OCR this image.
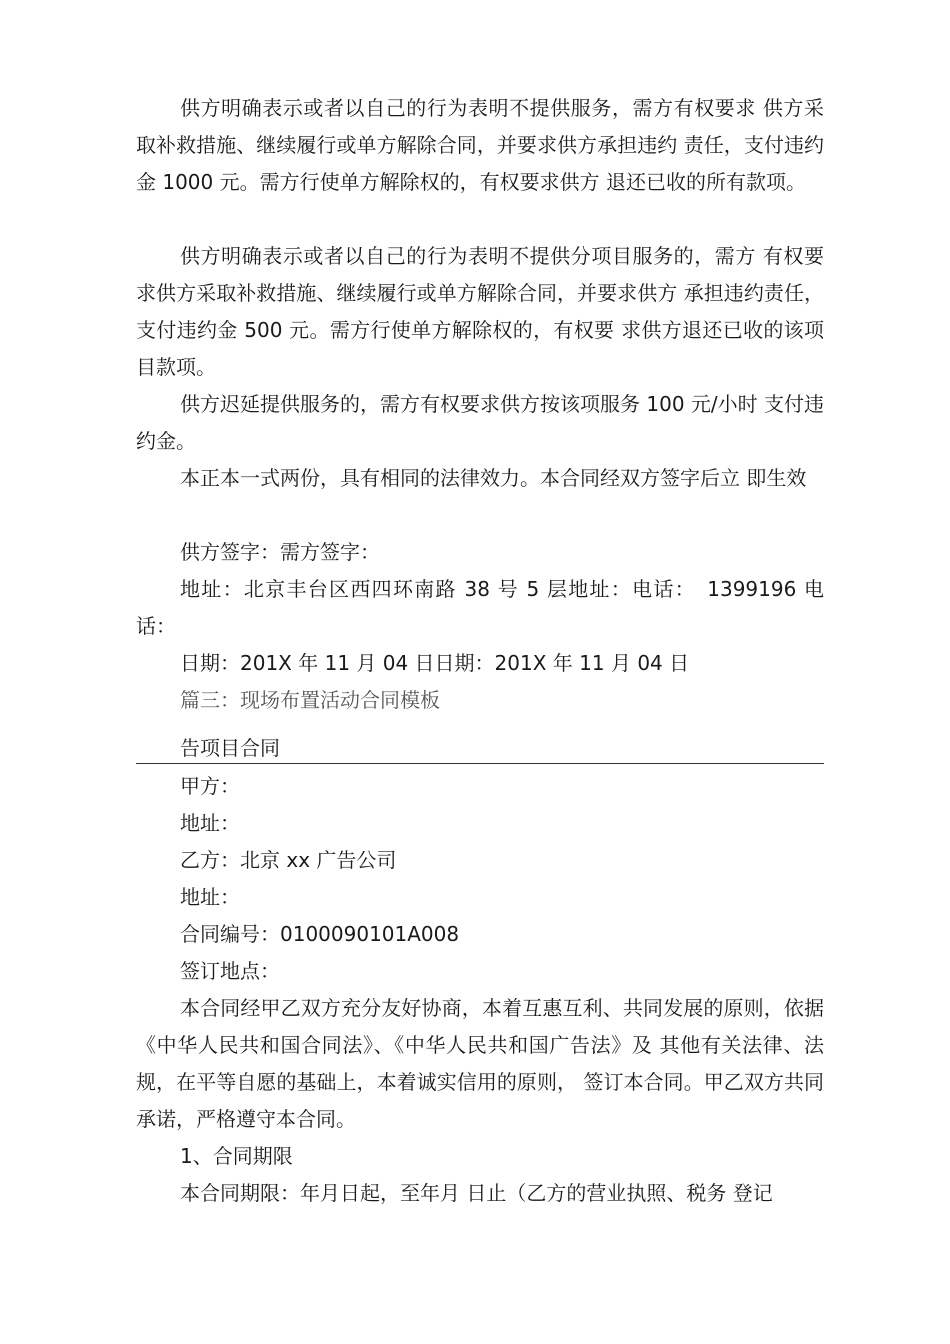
供方明确表示或者以自己的行为表明不提供服务，需方有权要求 供方采取补救措施、继续履行或单方解除合同，并要求供方承担违约 责任，支付违约金 1000 元。需方行使单方解除权的，有权要求供方 退还已收的所有款项。

供方明确表示或者以自己的行为表明不提供分项目服务的，需方 有权要求供方采取补救措施、继续履行或单方解除合同，并要求供方 承担违约责任，支付违约金 500 元。需方行使单方解除权的，有权要 求供方退还已收的该项目款项。

供方迟延提供服务的，需方有权要求供方按该项服务 100 元/小时 支付违约金。

本正本一式两份，具有相同的法律效力。本合同经双方签字后立 即生效

供方签字：需方签字：

地址：北京丰台区西四环南路 38 号 5 层地址：电话：　1399196 电话：

日期：201X 年 11 月 04 日日期：201X 年 11 月 04 日

篇三：现场布置活动合同模板

告项目合同

甲方：

地址：

乙方：北京 xx 广告公司

地址：

合同编号：0100090101A008

签订地点：

本合同经甲乙双方充分友好协商，本着互惠互利、共同发展的原则，依据《中华人民共和国合同法》、《中华人民共和国广告法》及 其他有关法律、法规，在平等自愿的基础上，本着诚实信用的原则， 签订本合同。甲乙双方共同承诺，严格遵守本合同。

1、合同期限

本合同期限：年月日起，至年月 日止（乙方的营业执照、税务 登记
